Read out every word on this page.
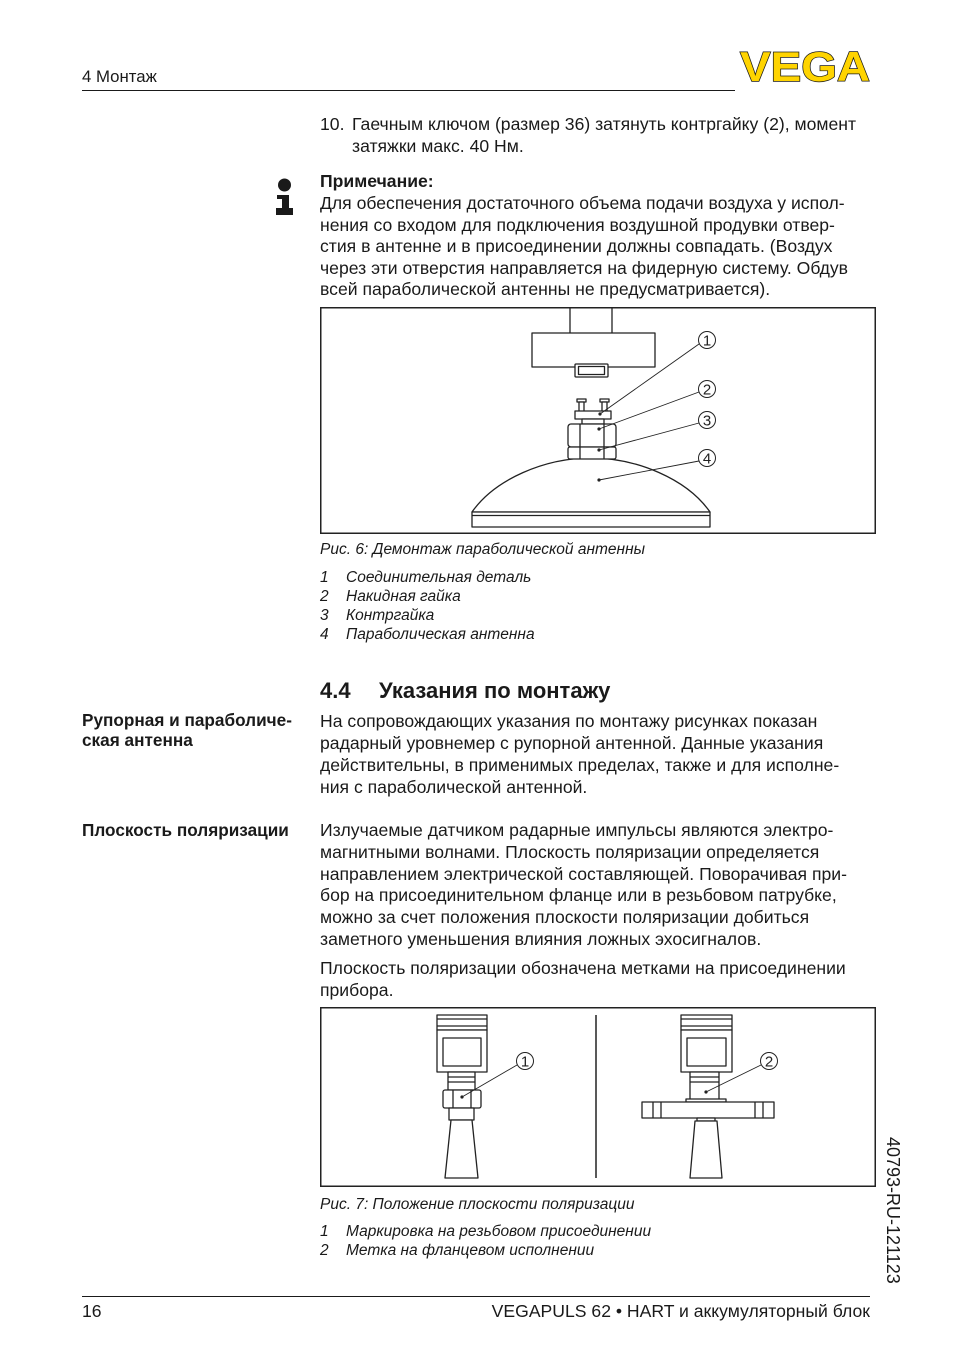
4 Монтаж	VEGA
10. Гаечным ключом (размер 36) затянуть контргайку (2), момент
затяжки макс. 40 Нм.
Примечание:
Для обеспечения достаточного объема подачи воздуха у испол-
нения со входом для подключения воздушной продувки отвер-
стия в антенне и в присоединении должны совпадать. (Воздух
через эти отверстия направляется на фидерную систему. Обдув
всей параболической антенны не предусматривается).
1
2
3
4
Рис. 6: Демонтаж параболической антенны
1	Соединительная деталь
2	Накидная гайка
3	Контргайка
4	Параболическая антенна
4.4 Указания по монтажу
Рупорная и параболиче-
ская антенна
На сопровождающих указания по монтажу рисунках показан
радарный уровнемер с рупорной антенной. Данные указания
действительны, в применимых пределах, также и для исполне-
ния с параболической антенной.
Плоскость поляризации Излучаемые датчиком радарные импульсы являются электро-
магнитными волнами. Плоскость поляризации определяется
направлением электрической составляющей. Поворачивая при-
бор на присоединительном фланце или в резьбовом патрубке,
можно за счет положения плоскости поляризации добиться
заметного уменьшения влияния ложных эхосигналов.
Плоскость поляризации обозначена метками на присоединении
прибора.
1	2
Рис. 7: Положение плоскости поляризации
1	Маркировка на резьбовом присоединении
2	Метка на фланцевом исполнении	40793-RU-121123
16	VEGAPULS 62 • HART и аккумуляторный блок
